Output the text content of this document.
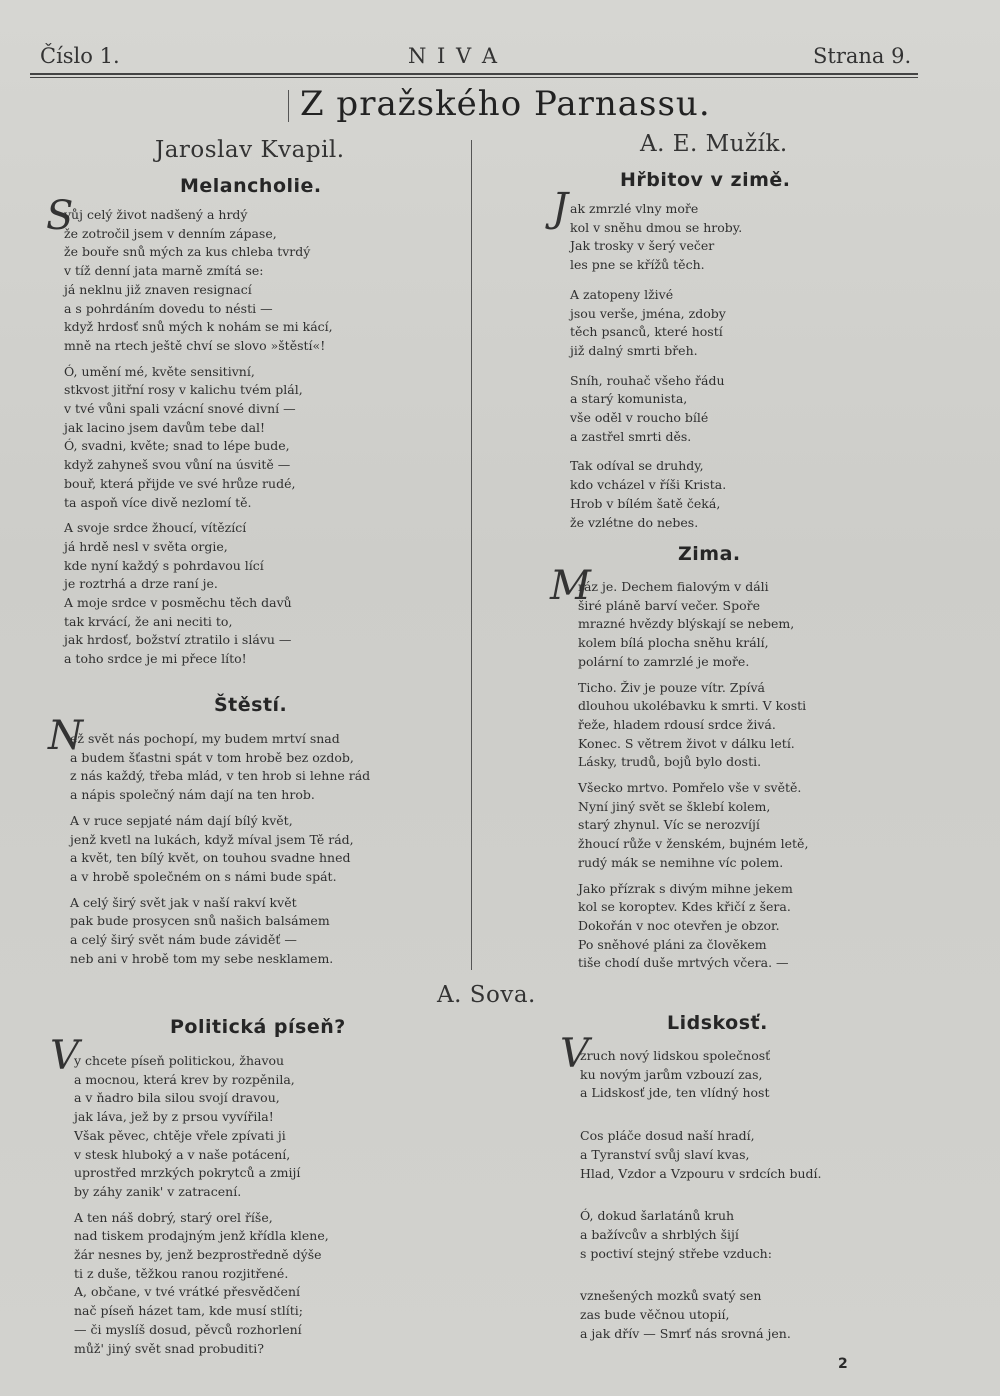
Číslo 1.	N I V A	Strana 9.
Z pražského Parnassu.
Jaroslav Kvapil.
Melancholie.
S
vůj celý život nadšený a hrdý
že zotročil jsem v denním zápase,
že bouře snů mých za kus chleba tvrdý
v tíž denní jata marně zmítá se:
já neklnu již znaven resignací
a s pohrdáním dovedu to nésti —
když hrdosť snů mých k nohám se mi kácí,
mně na rtech ještě chví se slovo »štěstí«!
Ó, umění mé, květe sensitivní,
stkvost jitřní rosy v kalichu tvém plál,
v tvé vůni spali vzácní snové divní —
jak lacino jsem davům tebe dal!
Ó, svadni, květe; snad to lépe bude,
když zahyneš svou vůní na úsvitě —
bouř, která přijde ve své hrůze rudé,
ta aspoň více divě nezlomí tě.
A svoje srdce žhoucí, vítězící
já hrdě nesl v světa orgie,
kde nyní každý s pohrdavou lící
je roztrhá a drze raní je.
A moje srdce v posměchu těch davů
tak krvácí, že ani neciti to,
jak hrdosť, božství ztratilo i slávu —
a toho srdce je mi přece líto!
Štěstí.
N
ež svět nás pochopí, my budem mrtví snad
a budem šťastni spát v tom hrobě bez ozdob,
z nás každý, třeba mlád, v ten hrob si lehne rád
a nápis společný nám dají na ten hrob.
A v ruce sepjaté nám dají bílý květ,
jenž kvetl na lukách, když míval jsem Tě rád,
a květ, ten bílý květ, on touhou svadne hned
a v hrobě společném on s námi bude spát.
A celý širý svět jak v naší rakví květ
pak bude prosycen snů našich balsámem
a celý širý svět nám bude záviděť —
neb ani v hrobě tom my sebe nesklamem.
A. Sova.
Politická píseň?
V
y chcete píseň politickou, žhavou
a mocnou, která krev by rozpěnila,
a v ňadro bila silou svojí dravou,
jak láva, jež by z prsou vyvířila!
Však pěvec, chtěje vřele zpívati ji
v stesk hluboký a v naše potácení,
uprostřed mrzkých pokrytců a zmijí
by záhy zanik' v zatracení.
A ten náš dobrý, starý orel říše,
nad tiskem prodajným jenž křídla klene,
žár nesnes by, jenž bezprostředně dýše
ti z duše, těžkou ranou rozjitřené.
A, občane, v tvé vrátké přesvědčení
nač píseň házet tam, kde musí stlíti;
— či myslíš dosud, pěvců rozhorlení
můž' jiný svět snad probuditi?
A. E. Mužík.
Hřbitov v zimě.
J ak zmrzlé vlny moře
kol v sněhu dmou se hroby.
Jak trosky v šerý večer
les pne se křížů těch.
A zatopeny lživé
jsou verše, jména, zdoby
těch psanců, které hostí
již dalný smrti břeh.
Sníh, rouhač všeho řádu
a starý komunista,
vše oděl v roucho bílé
a zastřel smrti děs.
Tak odíval se druhdy,
kdo vcházel v říši Krista.
Hrob v bílém šatě čeká,
že vzlétne do nebes.
Zima.
M
ráz je. Dechem fialovým v dáli
širé pláně barví večer. Spoře
mrazné hvězdy blýskají se nebem,
kolem bílá plocha sněhu králí,
polární to zamrzlé je moře.
Ticho. Živ je pouze vítr. Zpívá
dlouhou ukolébavku k smrti. V kosti
řeže, hladem rdousí srdce živá.
Konec. S větrem život v dálku letí.
Lásky, trudů, bojů bylo dosti.
Všecko mrtvo. Pomřelo vše v světě.
Nyní jiný svět se šklebí kolem,
starý zhynul. Víc se nerozvíjí
žhoucí růže v ženském, bujném letě,
rudý mák se nemihne víc polem.
Jako přízrak s divým mihne jekem
kol se koroptev. Kdes křičí z šera.
Dokořán v noc otevřen je obzor.
Po sněhové pláni za člověkem
tiše chodí duše mrtvých včera. —
Lidskosť.
V
zruch nový lidskou společnosť
ku novým jarům vzbouzí zas,
a Lidskosť jde, ten vlídný host
Cos pláče dosud naší hradí,
a Tyranství svůj slaví kvas,
Hlad, Vzdor a Vzpouru v srdcích budí.
Ó, dokud šarlatánů kruh
a bažívcův a shrblých šijí
s poctiví stejný střebe vzduch:
vznešených mozků svatý sen
zas bude věčnou utopií,
a jak dřív — Smrť nás srovná jen.
2
